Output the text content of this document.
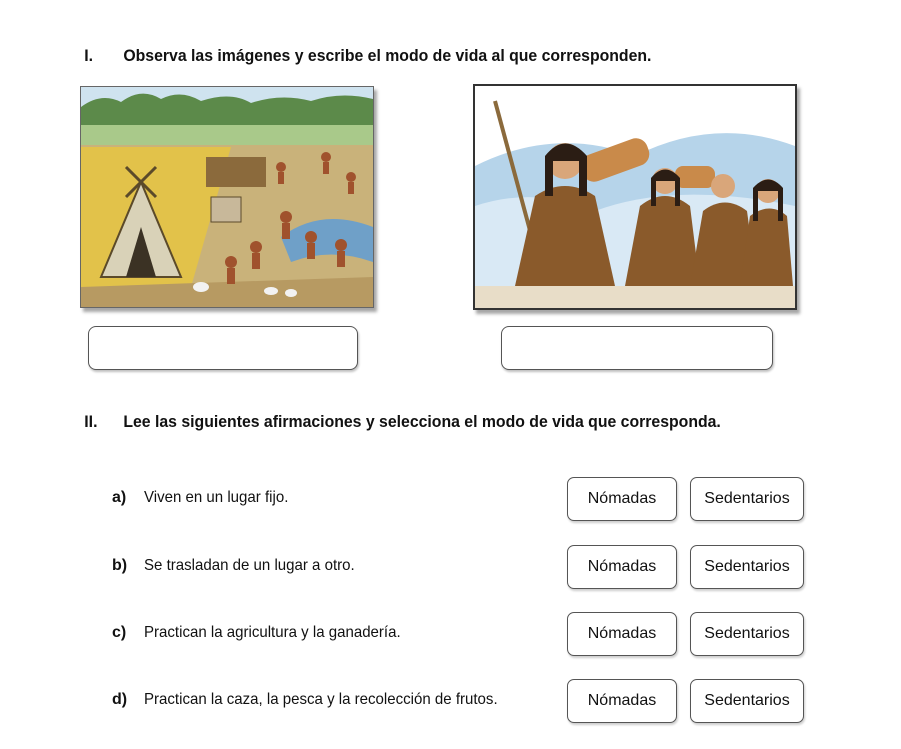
I. Observa las imágenes y escribe el modo de vida al que corresponden.
II. Lee las siguientes afirmaciones y selecciona el modo de vida que corresponda.
a) Viven en un lugar fijo.	Nómadas	Sedentarios
b) Se trasladan de un lugar a otro.	Nómadas	Sedentarios
c) Practican la agricultura y la ganadería.	Nómadas	Sedentarios
d) Practican la caza, la pesca y la recolección de frutos.	Nómadas	Sedentarios
